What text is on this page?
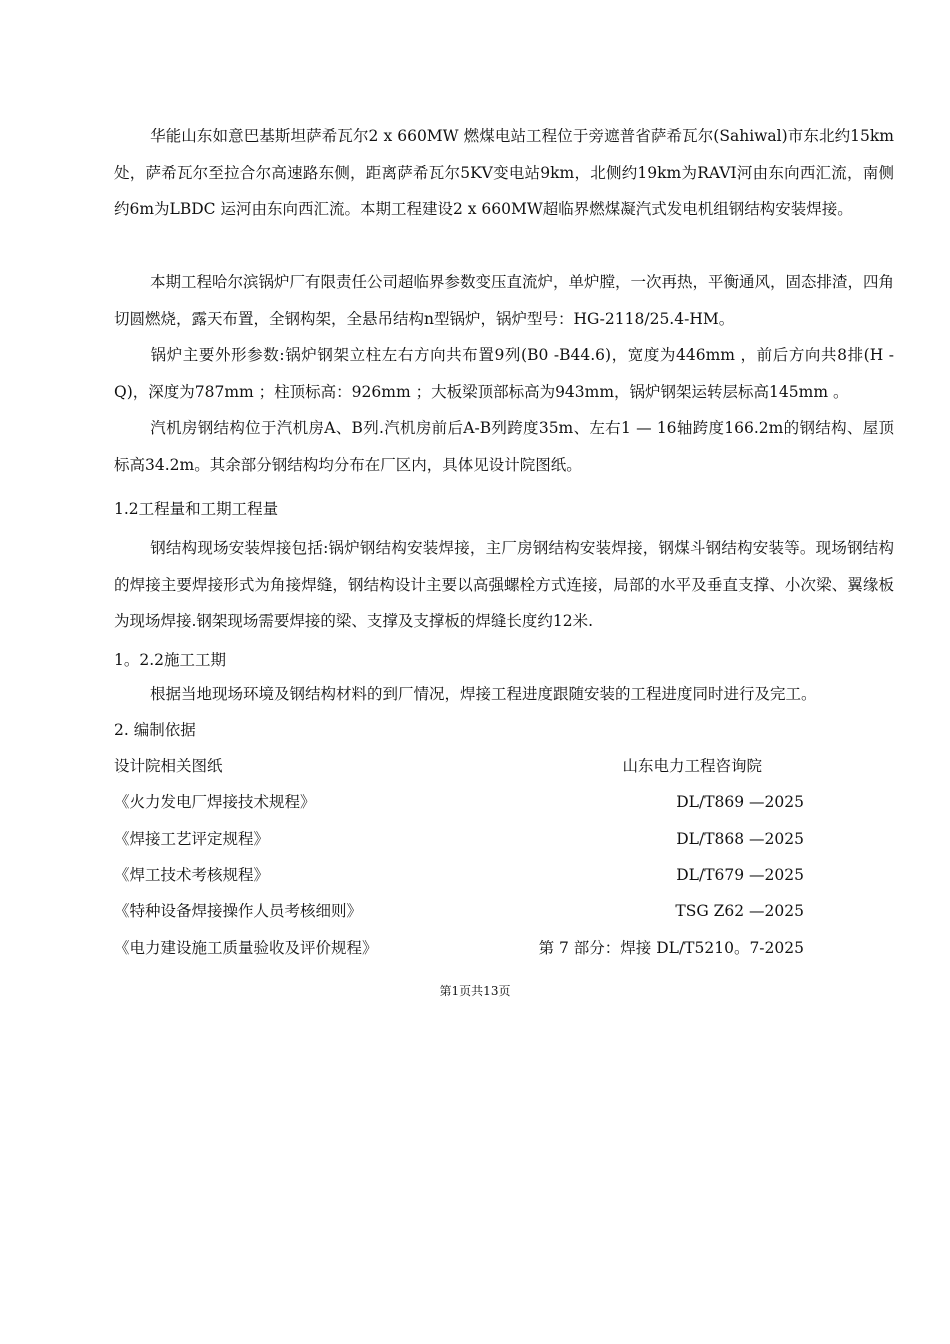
华能山东如意巴基斯坦萨希瓦尔2 x 660MW 燃煤电站工程位于旁遮普省萨希瓦尔(Sahiwal)市东北约15km处，萨希瓦尔至拉合尔高速路东侧，距离萨希瓦尔5KV变电站9km，北侧约19km为RAVI河由东向西汇流，南侧约6m为LBDC 运河由东向西汇流。本期工程建设2 x 660MW超临界燃煤凝汽式发电机组钢结构安装焊接。

本期工程哈尔滨锅炉厂有限责任公司超临界参数变压直流炉，单炉膛，一次再热，平衡通风，固态排渣，四角切圆燃烧，露天布置，全钢构架，全悬吊结构n型锅炉，锅炉型号：HG-2118/25.4-HM。

锅炉主要外形参数:锅炉钢架立柱左右方向共布置9列(B0 -B44.6)，宽度为446mm ，前后方向共8排(H -Q)，深度为787mm ；柱顶标高：926mm ；大板梁顶部标高为943mm，锅炉钢架运转层标高145mm 。

汽机房钢结构位于汽机房A、B列.汽机房前后A-B列跨度35m、左右1 — 16轴跨度166.2m的钢结构、屋顶标高34.2m。其余部分钢结构均分布在厂区内，具体见设计院图纸。

1.2工程量和工期工程量

钢结构现场安装焊接包括:锅炉钢结构安装焊接，主厂房钢结构安装焊接，钢煤斗钢结构安装等。现场钢结构的焊接主要焊接形式为角接焊缝，钢结构设计主要以高强螺栓方式连接，局部的水平及垂直支撑、小次梁、翼缘板为现场焊接.钢架现场需要焊接的梁、支撑及支撑板的焊缝长度约12米.

1。2.2施工工期

根据当地现场环境及钢结构材料的到厂情况，焊接工程进度跟随安装的工程进度同时进行及完工。

2. 编制依据

设计院相关图纸	山东电力工程咨询院
《火力发电厂焊接技术规程》	DL/T869 —2025
《焊接工艺评定规程》	DL/T868 —2025
《焊工技术考核规程》	DL/T679 —2025
《特种设备焊接操作人员考核细则》	TSG Z62 —2025
《电力建设施工质量验收及评价规程》	第 7 部分：焊接 DL/T5210。7-2025
第1页共13页
